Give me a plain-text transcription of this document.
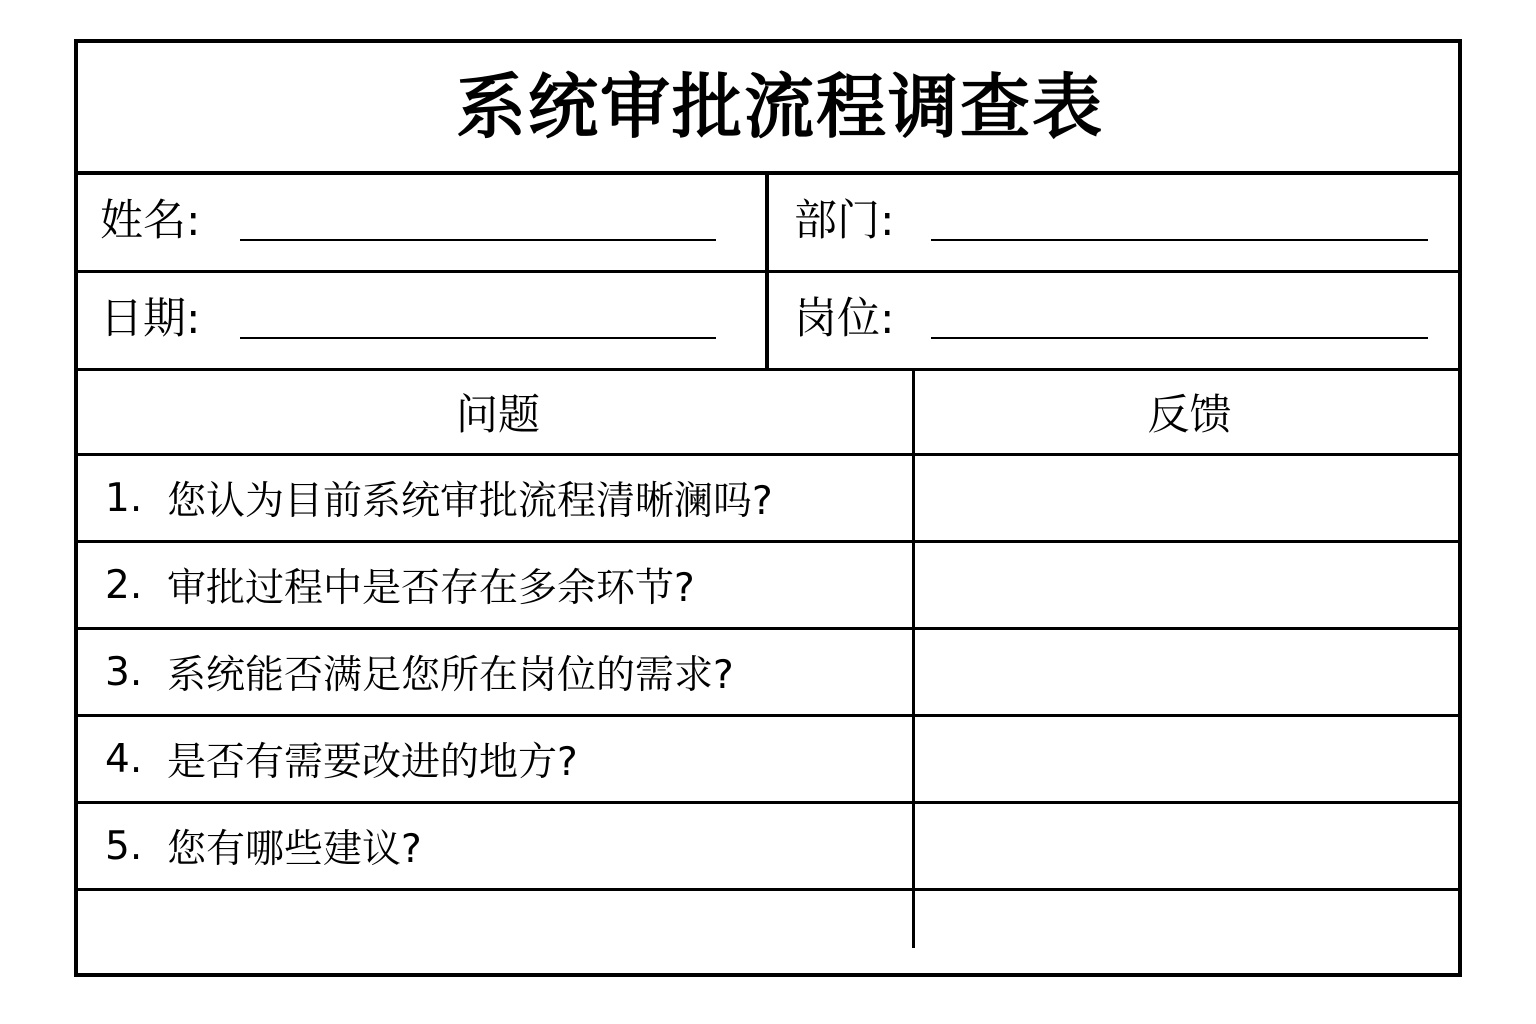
系统审批流程调查表
姓名:	部门:
日期:	岗位:
问题	反馈
1. 您认为目前系统审批流程清晰澜吗?
2. 审批过程中是否存在多余环节?
3. 系统能否满足您所在岗位的需求?
4. 是否有需要改进的地方?
5. 您有哪些建议?
